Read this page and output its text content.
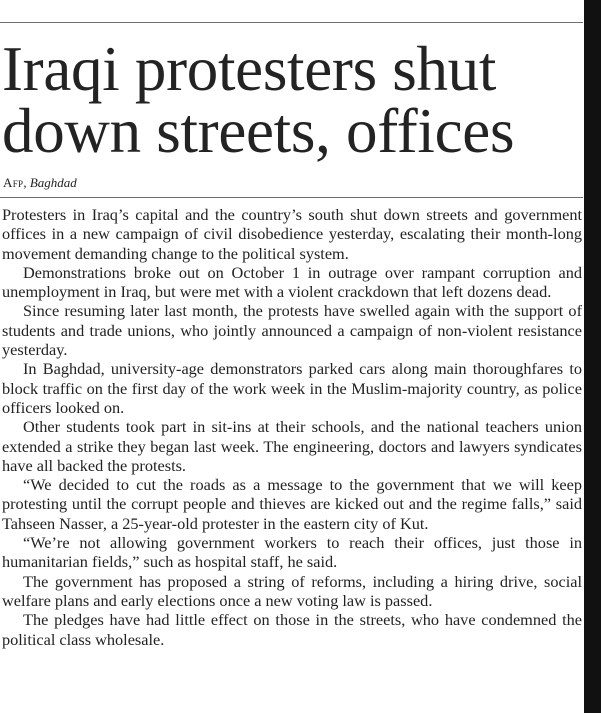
Iraqi protesters shut
down streets, offices
Afp, Baghdad

Protesters in Iraq’s capital and the country’s south shut down streets and government offices in a new campaign of civil disobedience yesterday, escalating their month-long movement demanding change to the political system.

Demonstrations broke out on October 1 in outrage over rampant corruption and unemployment in Iraq, but were met with a violent crackdown that left dozens dead.

Since resuming later last month, the protests have swelled again with the support of students and trade unions, who jointly announced a campaign of non-violent resistance yesterday.

In Baghdad, university-age demonstrators parked cars along main thoroughfares to block traffic on the first day of the work week in the Muslim-majority country, as police officers looked on.

Other students took part in sit-ins at their schools, and the national teachers union extended a strike they began last week. The engineering, doctors and lawyers syndicates have all backed the protests.

“We decided to cut the roads as a message to the government that we will keep protesting until the corrupt people and thieves are kicked out and the regime falls,” said Tahseen Nasser, a 25-year-old protester in the eastern city of Kut.

“We’re not allowing government workers to reach their offices, just those in humanitarian fields,” such as hospital staff, he said.

The government has proposed a string of reforms, including a hiring drive, social welfare plans and early elections once a new voting law is passed.

The pledges have had little effect on those in the streets, who have condemned the political class wholesale.
